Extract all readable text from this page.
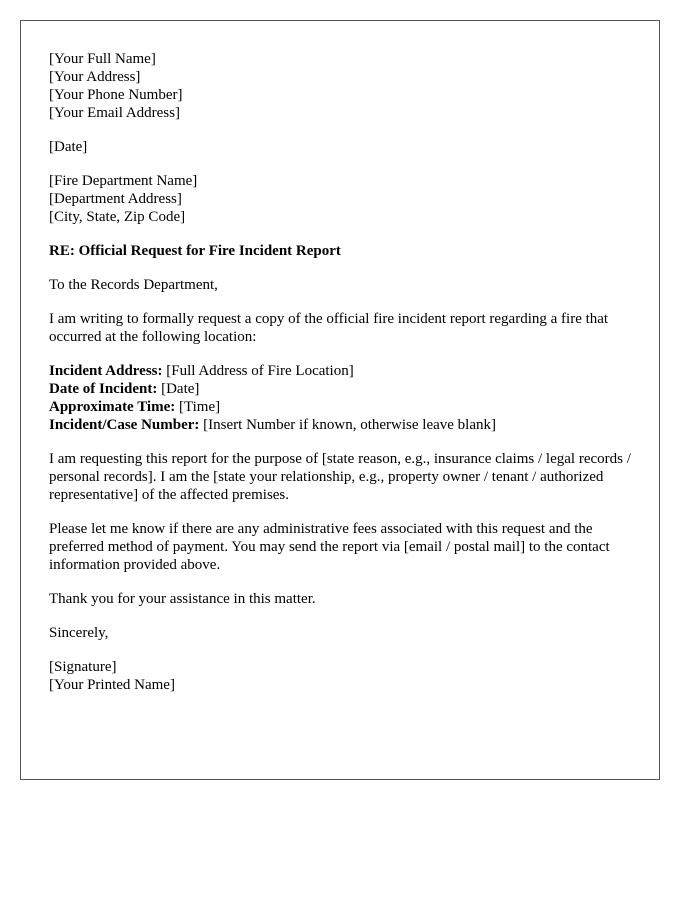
[Your Full Name]
[Your Address]
[Your Phone Number]
[Your Email Address]
[Date]
[Fire Department Name]
[Department Address]
[City, State, Zip Code]
RE: Official Request for Fire Incident Report
To the Records Department,
I am writing to formally request a copy of the official fire incident report regarding a fire that occurred at the following location:
Incident Address: [Full Address of Fire Location]
Date of Incident: [Date]
Approximate Time: [Time]
Incident/Case Number: [Insert Number if known, otherwise leave blank]
I am requesting this report for the purpose of [state reason, e.g., insurance claims / legal records / personal records]. I am the [state your relationship, e.g., property owner / tenant / authorized representative] of the affected premises.
Please let me know if there are any administrative fees associated with this request and the preferred method of payment. You may send the report via [email / postal mail] to the contact information provided above.
Thank you for your assistance in this matter.
Sincerely,
[Signature]
[Your Printed Name]
